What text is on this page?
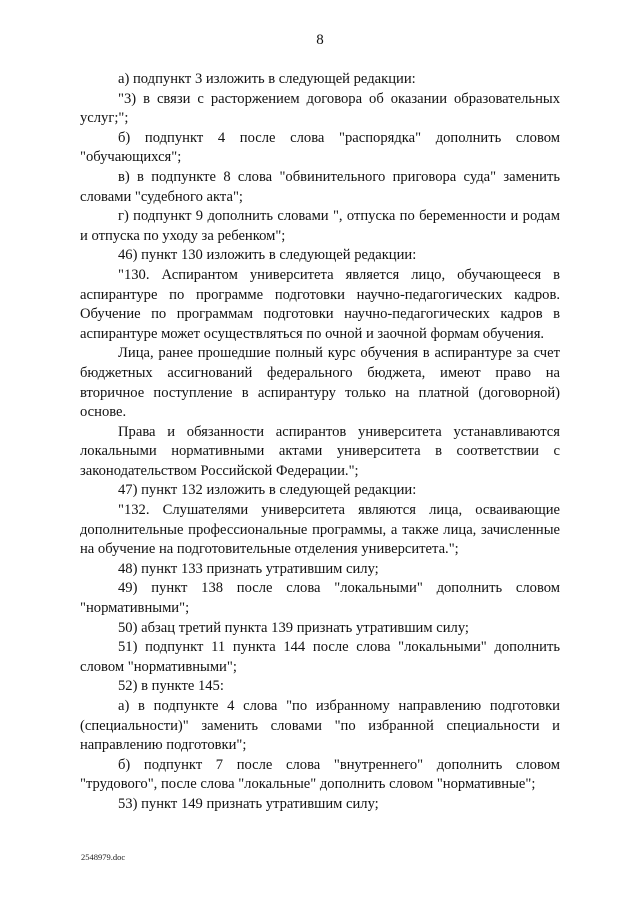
8

а) подпункт 3 изложить в следующей редакции:

"3) в связи с расторжением договора об оказании образовательных услуг;";

б) подпункт 4 после слова "распорядка" дополнить словом "обучающихся";

в) в подпункте 8 слова "обвинительного приговора суда" заменить словами "судебного акта";

г) подпункт 9 дополнить словами ", отпуска по беременности и родам и отпуска по уходу за ребенком";

46) пункт 130 изложить в следующей редакции:

"130. Аспирантом университета является лицо, обучающееся в аспирантуре по программе подготовки научно-педагогических кадров. Обучение по программам подготовки научно-педагогических кадров в аспирантуре может осуществляться по очной и заочной формам обучения.

Лица, ранее прошедшие полный курс обучения в аспирантуре за счет бюджетных ассигнований федерального бюджета, имеют право на вторичное поступление в аспирантуру только на платной (договорной) основе.

Права и обязанности аспирантов университета устанавливаются локальными нормативными актами университета в соответствии с законодательством Российской Федерации.";

47) пункт 132 изложить в следующей редакции:

"132. Слушателями университета являются лица, осваивающие дополнительные профессиональные программы, а также лица, зачисленные на обучение на подготовительные отделения университета.";

48) пункт 133 признать утратившим силу;

49) пункт 138 после слова "локальными" дополнить словом "нормативными";

50) абзац третий пункта 139 признать утратившим силу;

51) подпункт 11 пункта 144 после слова "локальными" дополнить словом "нормативными";

52) в пункте 145:

а) в подпункте 4 слова "по избранному направлению подготовки (специальности)" заменить словами "по избранной специальности и направлению подготовки";

б) подпункт 7 после слова "внутреннего" дополнить словом "трудового", после слова "локальные" дополнить словом "нормативные";

53) пункт 149 признать утратившим силу;

2548979.doc
